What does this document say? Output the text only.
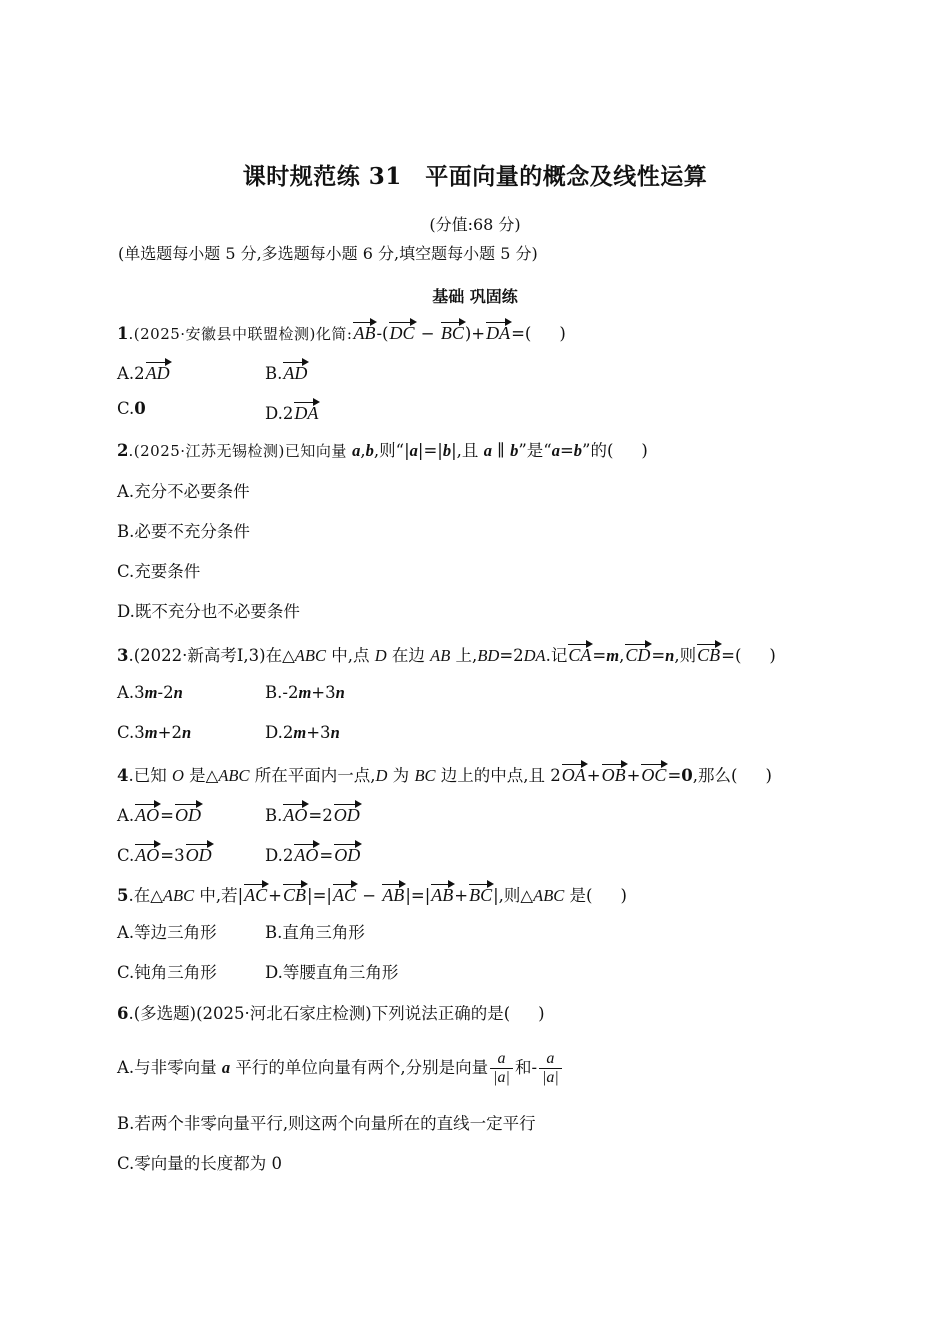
课时规范练 31　平面向量的概念及线性运算
(分值:68 分)
(单选题每小题 5 分,多选题每小题 6 分,填空题每小题 5 分)
基础 巩固练
1.(2025·安徽县中联盟检测)化简:AB-(DC − BC)+DA=( )
A.2AD	B.AD
C.0	D.2DA
2.(2025·江苏无锡检测)已知向量 a,b,则“|a|=|b|,且 a ∥ b”是“a=b”的( )
A.充分不必要条件
B.必要不充分条件
C.充要条件
D.既不充分也不必要条件
3.(2022·新高考Ⅰ,3)在△ABC 中,点 D 在边 AB 上,BD=2DA.记CA=m,CD=n,则CB=( )
A.3m-2n	B.-2m+3n
C.3m+2n	D.2m+3n
4.已知 O 是△ABC 所在平面内一点,D 为 BC 边上的中点,且 2OA+OB+OC=0,那么( )
A.AO=OD	B.AO=2OD
C.AO=3OD	D.2AO=OD
5.在△ABC 中,若|AC+CB|=|AC − AB|=|AB+BC|,则△ABC 是( )
A.等边三角形	B.直角三角形
C.钝角三角形	D.等腰直角三角形
6.(多选题)(2025·河北石家庄检测)下列说法正确的是( )
A.与非零向量 a 平行的单位向量有两个,分别是向量 $\frac{a}{|a|}$ 和- $\frac{a}{|a|}$
B.若两个非零向量平行,则这两个向量所在的直线一定平行
C.零向量的长度都为 0
